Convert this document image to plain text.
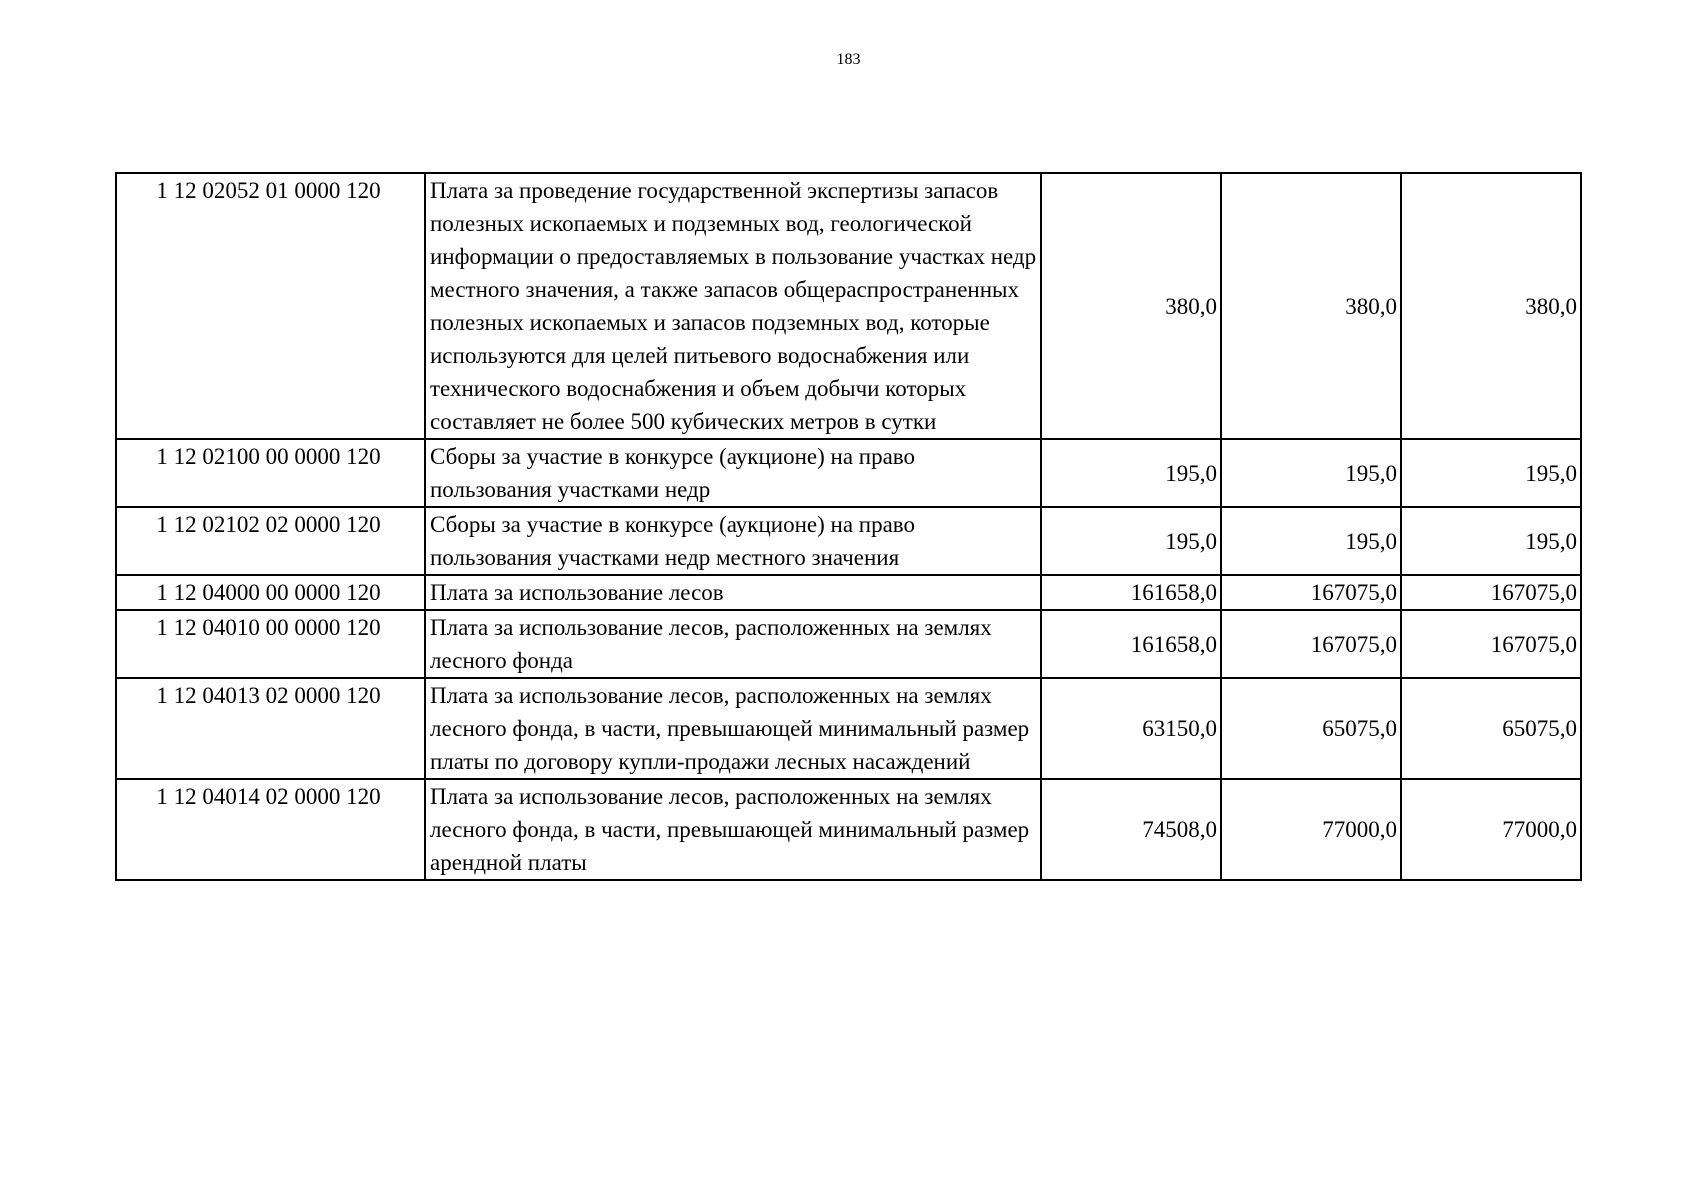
183
1 12 02052 01 0000 120	Плата за проведение государственной экспертизы запасов полезных ископаемых и подземных вод, геологической информации о предоставляемых в пользование участках недр местного значения, а также запасов общераспространенных полезных ископаемых и запасов подземных вод, которые используются для целей питьевого водоснабжения или технического водоснабжения и объем добычи которых составляет не более 500 кубических метров в сутки	380,0	380,0	380,0
1 12 02100 00 0000 120	Сборы за участие в конкурсе (аукционе) на право пользования участками недр	195,0	195,0	195,0
1 12 02102 02 0000 120	Сборы за участие в конкурсе (аукционе) на право пользования участками недр местного значения	195,0	195,0	195,0
1 12 04000 00 0000 120	Плата за использование лесов	161658,0	167075,0	167075,0
1 12 04010 00 0000 120	Плата за использование лесов, расположенных на землях лесного фонда	161658,0	167075,0	167075,0
1 12 04013 02 0000 120	Плата за использование лесов, расположенных на землях лесного фонда, в части, превышающей минимальный размер платы по договору купли-продажи лесных насаждений	63150,0	65075,0	65075,0
1 12 04014 02 0000 120	Плата за использование лесов, расположенных на землях лесного фонда, в части, превышающей минимальный размер арендной платы	74508,0	77000,0	77000,0
